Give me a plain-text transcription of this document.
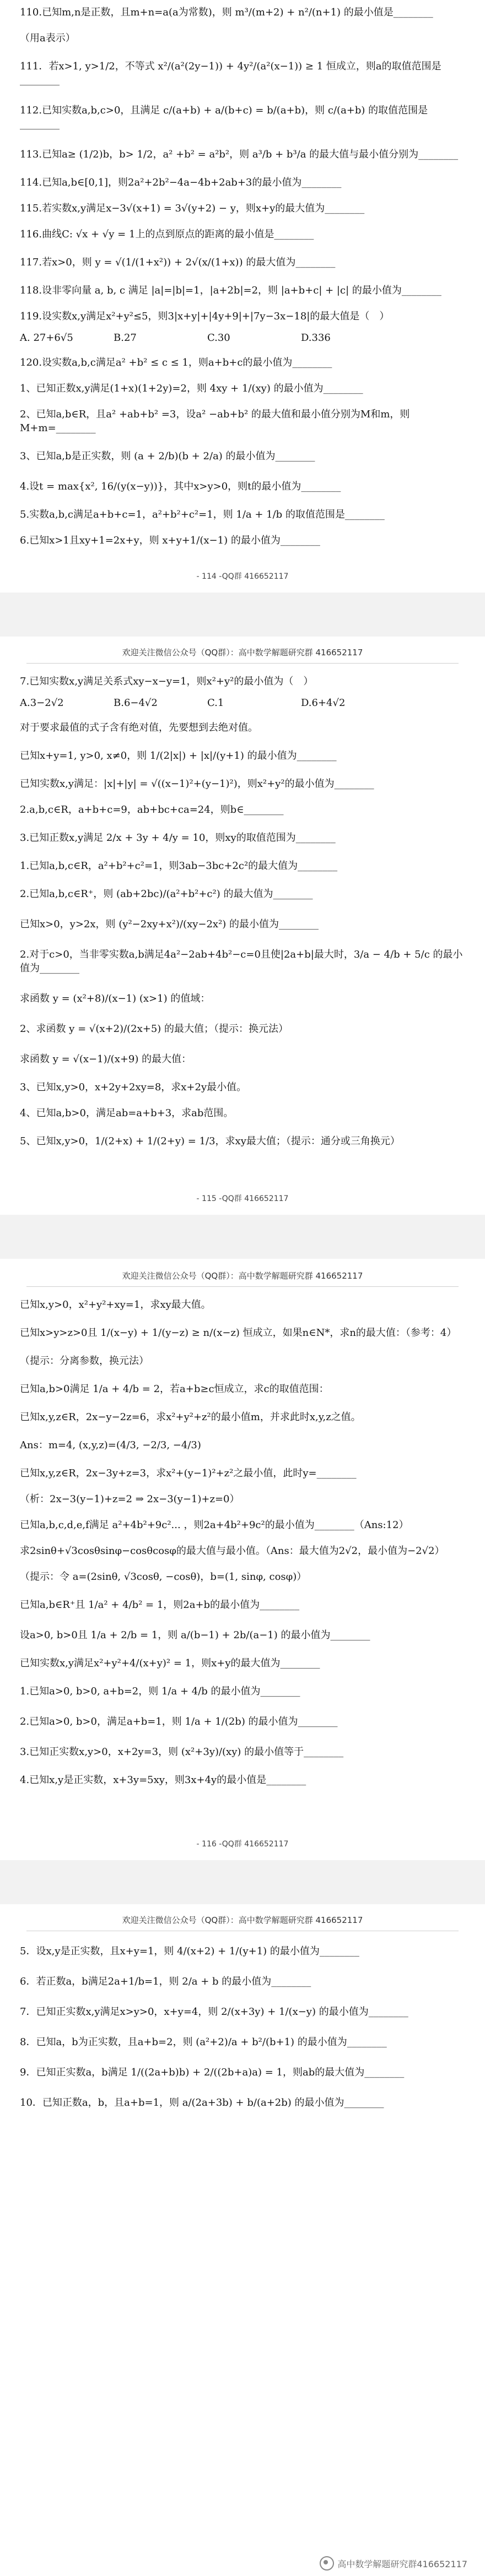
110.已知m,n是正数，且m+n=a(a为常数)，则 m³/(m+2) + n²/(n+1) 的最小值是________
（用a表示）
111．若x>1, y>1/2，不等式 x²/(a²(2y−1)) + 4y²/(a²(x−1)) ≥ 1 恒成立，则a的取值范围是________
112.已知实数a,b,c>0，且满足 c/(a+b) + a/(b+c) = b/(a+b)，则 c/(a+b) 的取值范围是________
113.已知a≥ (1/2)b，b> 1/2，a² +b² = a²b²，则 a³/b + b³/a 的最大值与最小值分别为________
114.已知a,b∈[0,1]，则2a²+2b²−4a−4b+2ab+3的最小值为________
115.若实数x,y满足x−3√(x+1) = 3√(y+2) − y，则x+y的最大值为________
116.曲线C: √x + √y = 1上的点到原点的距离的最小值是________
117.若x>0，则 y = √(1/(1+x²)) + 2√(x/(1+x)) 的最大值为________
118.设非零向量 a, b, c 满足 |a|=|b|=1，|a+2b|=2，则 |a+b+c| + |c| 的最小值为________
119.设实数x,y满足x²+y²≤5，则3|x+y|+|4y+9|+|7y−3x−18|的最大值是（　）
A. 27+6√5	B.27	C.30	D.336
120.设实数a,b,c满足a² +b² ≤ c ≤ 1，则a+b+c的最小值为________
1、已知正数x,y满足(1+x)(1+2y)=2，则 4xy + 1/(xy) 的最小值为________
2、已知a,b∈R，且a² +ab+b² =3，设a² −ab+b² 的最大值和最小值分别为M和m，则M+m=________
3、已知a,b是正实数，则 (a + 2/b)(b + 2/a) 的最小值为________
4.设t = max{x², 16/(y(x−y))}，其中x>y>0，则t的最小值为________
5.实数a,b,c满足a+b+c=1，a²+b²+c²=1，则 1/a + 1/b 的取值范围是________
6.已知x>1且xy+1=2x+y，则 x+y+1/(x−1) 的最小值为________
- 114 -QQ群 416652117
欢迎关注微信公众号（QQ群）：高中数学解题研究群 416652117
7.已知实数x,y满足关系式xy−x−y=1，则x²+y²的最小值为（　）
A.3−2√2	B.6−4√2	C.1	D.6+4√2
对于要求最值的式子含有绝对值，先要想到去绝对值。
已知x+y=1, y>0, x≠0，则 1/(2|x|) + |x|/(y+1) 的最小值为________
已知实数x,y满足：|x|+|y| = √((x−1)²+(y−1)²)，则x²+y²的最小值为________
2.a,b,c∈R，a+b+c=9，ab+bc+ca=24，则b∈________
3.已知正数x,y满足 2/x + 3y + 4/y = 10，则xy的取值范围为________
1.已知a,b,c∈R，a²+b²+c²=1，则3ab−3bc+2c²的最大值为________
2.已知a,b,c∈R⁺，则 (ab+2bc)/(a²+b²+c²) 的最大值为________
已知x>0，y>2x，则 (y²−2xy+x²)/(xy−2x²) 的最小值为________
2.对于c>0，当非零实数a,b满足4a²−2ab+4b²−c=0且使|2a+b|最大时，3/a − 4/b + 5/c 的最小值为________
求函数 y = (x²+8)/(x−1) (x>1) 的值域：
2、求函数 y = √(x+2)/(2x+5) 的最大值；（提示：换元法）
求函数 y = √(x−1)/(x+9) 的最大值：
3、已知x,y>0，x+2y+2xy=8，求x+2y最小值。
4、已知a,b>0，满足ab=a+b+3，求ab范围。
5、已知x,y>0，1/(2+x) + 1/(2+y) = 1/3，求xy最大值；（提示：通分或三角换元）
- 115 -QQ群 416652117
欢迎关注微信公众号（QQ群）：高中数学解题研究群 416652117
已知x,y>0，x²+y²+xy=1，求xy最大值。
已知x>y>z>0且 1/(x−y) + 1/(y−z) ≥ n/(x−z) 恒成立，如果n∈N*，求n的最大值：（参考：4）
（提示：分离参数，换元法）
已知a,b>0满足 1/a + 4/b = 2，若a+b≥c恒成立，求c的取值范围：
已知x,y,z∈R，2x−y−2z=6，求x²+y²+z²的最小值m，并求此时x,y,z之值。
Ans：m=4, (x,y,z)=(4/3, −2/3, −4/3)
已知x,y,z∈R，2x−3y+z=3，求x²+(y−1)²+z²之最小值，此时y=________
（析：2x−3(y−1)+z=2 ⇒ 2x−3(y−1)+z=0）
已知a,b,c,d,e,f满足 a²+4b²+9c²... ，则2a+4b²+9c²的最小值为________（Ans:12）
求2sinθ+√3cosθsinφ−cosθcosφ的最大值与最小值。（Ans：最大值为2√2，最小值为−2√2）
（提示：令 a=(2sinθ, √3cosθ, −cosθ)，b=(1, sinφ, cosφ)）
已知a,b∈R⁺且 1/a² + 4/b² = 1，则2a+b的最小值为________
设a>0, b>0且 1/a + 2/b = 1，则 a/(b−1) + 2b/(a−1) 的最小值为________
已知实数x,y满足x²+y²+4/(x+y)² = 1，则x+y的最大值为________
1.已知a>0, b>0, a+b=2，则 1/a + 4/b 的最小值为________
2.已知a>0, b>0，满足a+b=1，则 1/a + 1/(2b) 的最小值为________
3.已知正实数x,y>0，x+2y=3，则 (x²+3y)/(xy) 的最小值等于________
4.已知x,y是正实数，x+3y=5xy，则3x+4y的最小值是________
- 116 -QQ群 416652117
欢迎关注微信公众号（QQ群）：高中数学解题研究群 416652117
5．设x,y是正实数，且x+y=1，则 4/(x+2) + 1/(y+1) 的最小值为________
6．若正数a，b满足2a+1/b=1，则 2/a + b 的最小值为________
7．已知正实数x,y满足x>y>0，x+y=4，则 2/(x+3y) + 1/(x−y) 的最小值为________
8．已知a，b为正实数，且a+b=2，则 (a²+2)/a + b²/(b+1) 的最小值为________
9．已知正实数a，b满足 1/((2a+b)b) + 2/((2b+a)a) = 1，则ab的最大值为________
10．已知正数a，b，且a+b=1，则 a/(2a+3b) + b/(a+2b) 的最小值为________
高中数学解题研究群416652117
